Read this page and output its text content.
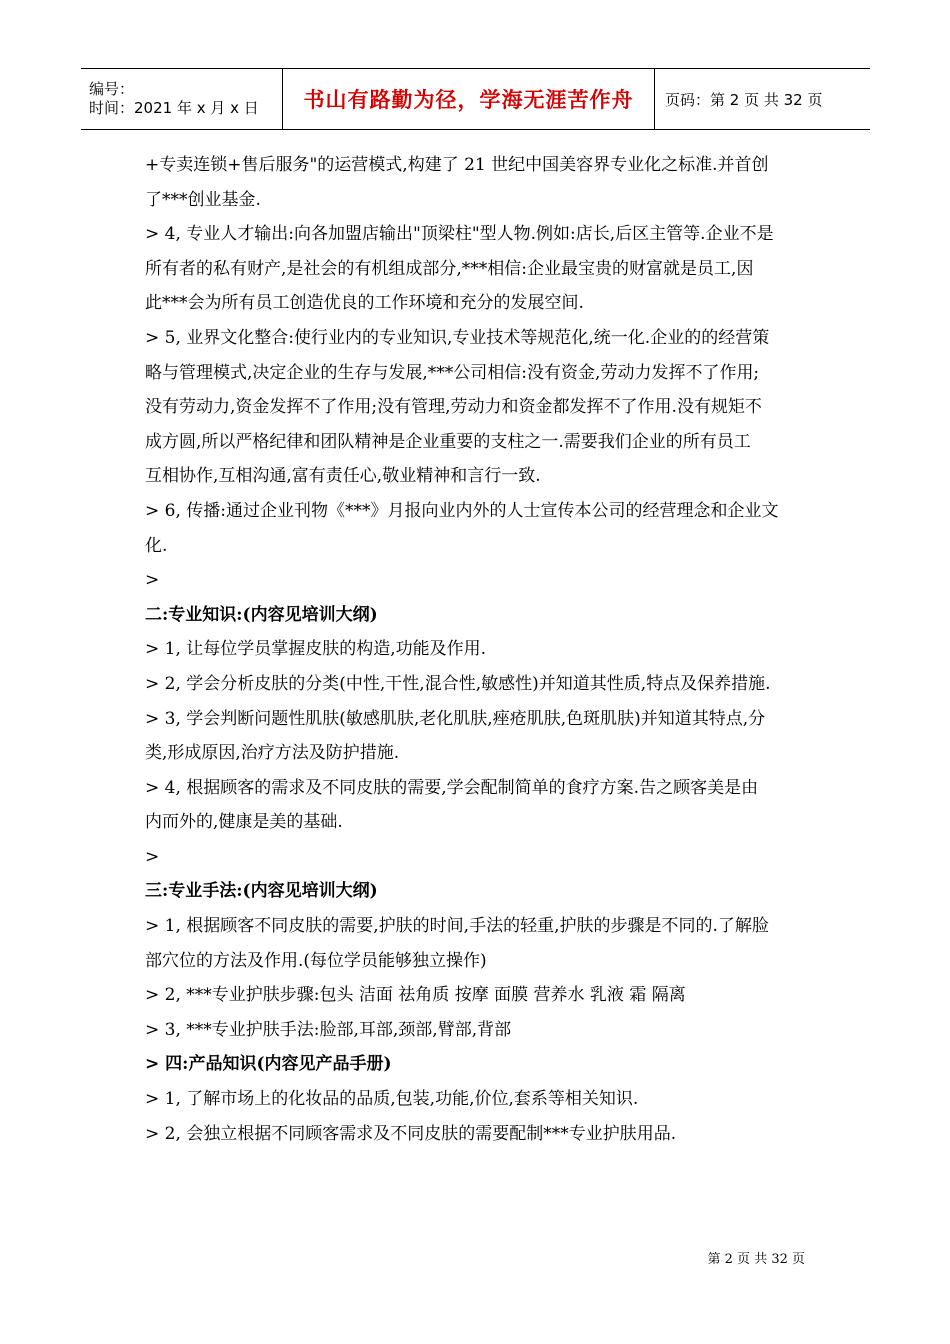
编号：
时间：2021 年 x 月 x 日	书山有路勤为径，学海无涯苦作舟 页码：第 2 页 共 32 页

+专卖连锁+售后服务"的运营模式,构建了 21 世纪中国美容界专业化之标准.并首创

了***创业基金.

> 4, 专业人才输出:向各加盟店输出"顶梁柱"型人物.例如:店长,后区主管等.企业不是

所有者的私有财产,是社会的有机组成部分,***相信:企业最宝贵的财富就是员工,因

此***会为所有员工创造优良的工作环境和充分的发展空间.

> 5, 业界文化整合:使行业内的专业知识,专业技术等规范化,统一化.企业的的经营策

略与管理模式,决定企业的生存与发展,***公司相信:没有资金,劳动力发挥不了作用;

没有劳动力,资金发挥不了作用;没有管理,劳动力和资金都发挥不了作用.没有规矩不

成方圆,所以严格纪律和团队精神是企业重要的支柱之一.需要我们企业的所有员工

互相协作,互相沟通,富有责任心,敬业精神和言行一致.

> 6, 传播:通过企业刊物《***》月报向业内外的人士宣传本公司的经营理念和企业文

化.

>

二:专业知识:(内容见培训大纲)

> 1, 让每位学员掌握皮肤的构造,功能及作用.

> 2, 学会分析皮肤的分类(中性,干性,混合性,敏感性)并知道其性质,特点及保养措施.

> 3, 学会判断问题性肌肤(敏感肌肤,老化肌肤,痤疮肌肤,色斑肌肤)并知道其特点,分

类,形成原因,治疗方法及防护措施.

> 4, 根据顾客的需求及不同皮肤的需要,学会配制简单的食疗方案.告之顾客美是由

内而外的,健康是美的基础.

>

三:专业手法:(内容见培训大纲)

> 1, 根据顾客不同皮肤的需要,护肤的时间,手法的轻重,护肤的步骤是不同的.了解脸

部穴位的方法及作用.(每位学员能够独立操作)

> 2, ***专业护肤步骤:包头 洁面 祛角质 按摩 面膜 营养水 乳液 霜 隔离

> 3, ***专业护肤手法:脸部,耳部,颈部,臂部,背部

> 四:产品知识(内容见产品手册)

> 1, 了解市场上的化妆品的品质,包装,功能,价位,套系等相关知识.

> 2, 会独立根据不同顾客需求及不同皮肤的需要配制***专业护肤用品.

第 2 页 共 32 页
